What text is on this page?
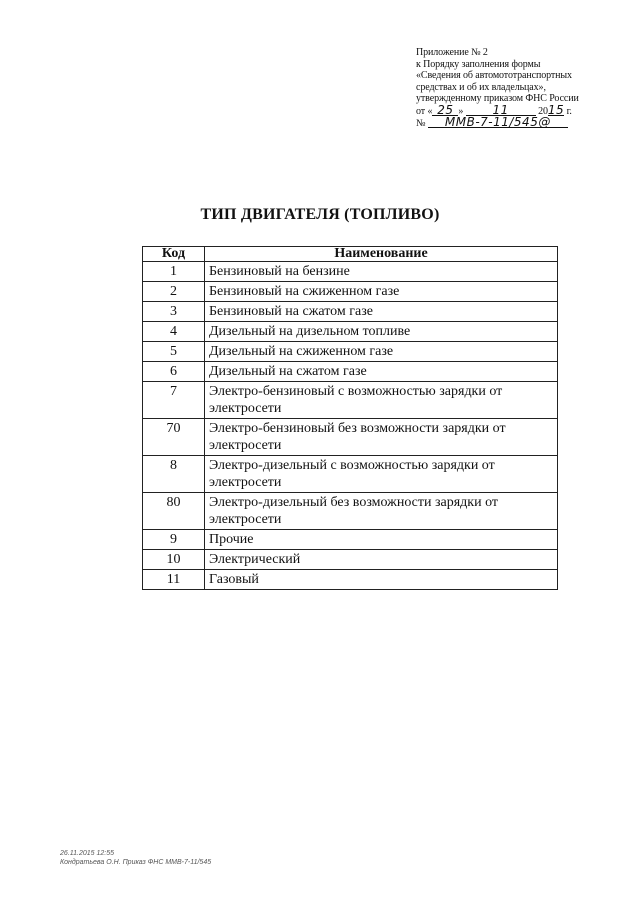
Приложение № 2
к Порядку заполнения формы
«Сведения об автомототранспортных
средствах и об их владельцах»,
утвержденному приказом ФНС России
от « 25 » 11	2015 г.
№ ММВ-7-11/545@
ТИП ДВИГАТЕЛЯ (ТОПЛИВО)
Код	Наименование
1	Бензиновый на бензине
2	Бензиновый на сжиженном газе
3	Бензиновый на сжатом газе
4	Дизельный на дизельном топливе
5	Дизельный на сжиженном газе
6	Дизельный на сжатом газе
7	Электро-бензиновый с возможностью зарядки от электросети
70	Электро-бензиновый без возможности зарядки от электросети
8	Электро-дизельный с возможностью зарядки от электросети
80	Электро-дизельный без возможности зарядки от электросети
9	Прочие
10	Электрический
11	Газовый
26.11.2015 12:55
Кондратьева О.Н. Приказ ФНС ММВ-7-11/545
